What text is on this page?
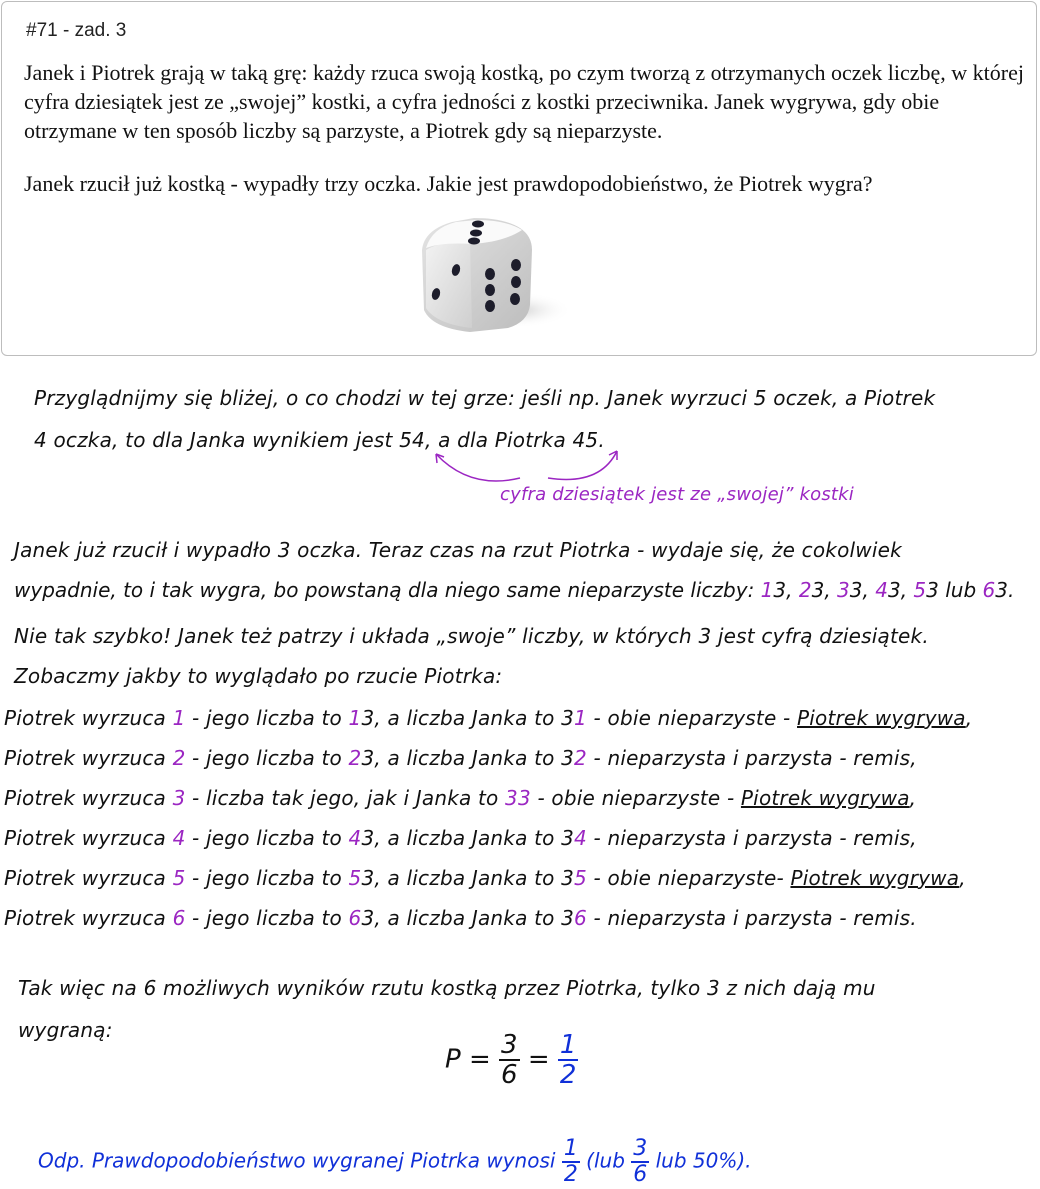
#71 - zad. 3

Janek i Piotrek grają w taką grę: każdy rzuca swoją kostką, po czym tworzą z otrzymanych oczek liczbę, w której cyfra dziesiątek jest ze „swojej” kostki, a cyfra jedności z kostki przeciwnika. Janek wygrywa, gdy obie otrzymane w ten sposób liczby są parzyste, a Piotrek gdy są nieparzyste.

Janek rzucił już kostką - wypadły trzy oczka. Jakie jest prawdopodobieństwo, że Piotrek wygra?

Przyglądnijmy się bliżej, o co chodzi w tej grze: jeśli np. Janek wyrzuci 5 oczek, a Piotrek
4 oczka, to dla Janka wynikiem jest 54, a dla Piotrka 45.
cyfra dziesiątek jest ze „swojej” kostki
Janek już rzucił i wypadło 3 oczka. Teraz czas na rzut Piotrka - wydaje się, że cokolwiek
wypadnie, to i tak wygra, bo powstaną dla niego same nieparzyste liczby: 13, 23, 33, 43, 53 lub 63.
Nie tak szybko! Janek też patrzy i układa „swoje” liczby, w których 3 jest cyfrą dziesiątek.
Zobaczmy jakby to wyglądało po rzucie Piotrka:
Piotrek wyrzuca 1 - jego liczba to 13, a liczba Janka to 31 - obie nieparzyste - Piotrek wygrywa,
Piotrek wyrzuca 2 - jego liczba to 23, a liczba Janka to 32 - nieparzysta i parzysta - remis,
Piotrek wyrzuca 3 - liczba tak jego, jak i Janka to 33 - obie nieparzyste - Piotrek wygrywa,
Piotrek wyrzuca 4 - jego liczba to 43, a liczba Janka to 34 - nieparzysta i parzysta - remis,
Piotrek wyrzuca 5 - jego liczba to 53, a liczba Janka to 35 - obie nieparzyste- Piotrek wygrywa,
Piotrek wyrzuca 6 - jego liczba to 63, a liczba Janka to 36 - nieparzysta i parzysta - remis.
Tak więc na 6 możliwych wyników rzutu kostką przez Piotrka, tylko 3 z nich dają mu
wygraną:
$P = \frac{3}{6} = \frac{1}{2}$
Odp. Prawdopodobieństwo wygranej Piotrka wynosi $\frac{1}{2} (lub \frac{3}{6}$ lub 50%).
